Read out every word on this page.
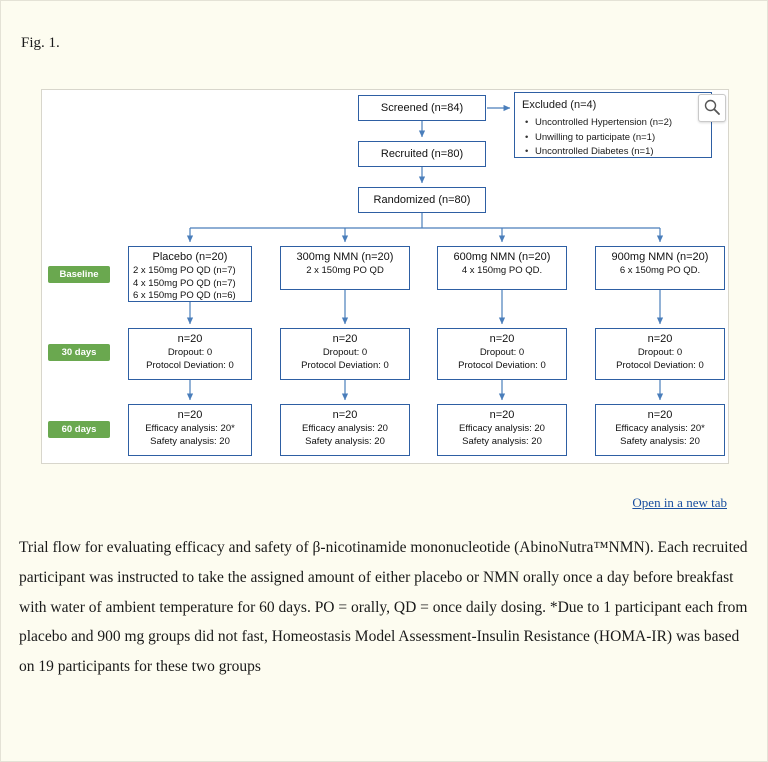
Fig. 1.
Screened (n=84)
Recruited (n=80)
Randomized (n=80)
Excluded (n=4)
• Uncontrolled Hypertension (n=2)
• Unwilling to participate (n=1)
• Uncontrolled Diabetes (n=1)
Baseline
30 days
60 days
Placebo (n=20)
2 x 150mg PO QD (n=7)
4 x 150mg PO QD (n=7)
6 x 150mg PO QD (n=6)
n=20
Dropout: 0
Protocol Deviation: 0
n=20
Efficacy analysis: 20*
Safety analysis: 20
300mg NMN (n=20)
2 x 150mg PO QD
n=20
Dropout: 0
Protocol Deviation: 0
n=20
Efficacy analysis: 20
Safety analysis: 20
600mg NMN (n=20)
4 x 150mg PO QD.
n=20
Dropout: 0
Protocol Deviation: 0
n=20
Efficacy analysis: 20
Safety analysis: 20
900mg NMN (n=20)
6 x 150mg PO QD.
n=20
Dropout: 0
Protocol Deviation: 0
n=20
Efficacy analysis: 20*
Safety analysis: 20
Open in a new tab
Trial flow for evaluating efficacy and safety of β-nicotinamide mononucleotide (AbinoNutra™NMN). Each recruited participant was instructed to take the assigned amount of either placebo or NMN orally once a day before breakfast with water of ambient temperature for 60 days. PO = orally, QD = once daily dosing. *Due to 1 participant each from placebo and 900 mg groups did not fast, Homeostasis Model Assessment-Insulin Resistance (HOMA-IR) was based on 19 participants for these two groups
